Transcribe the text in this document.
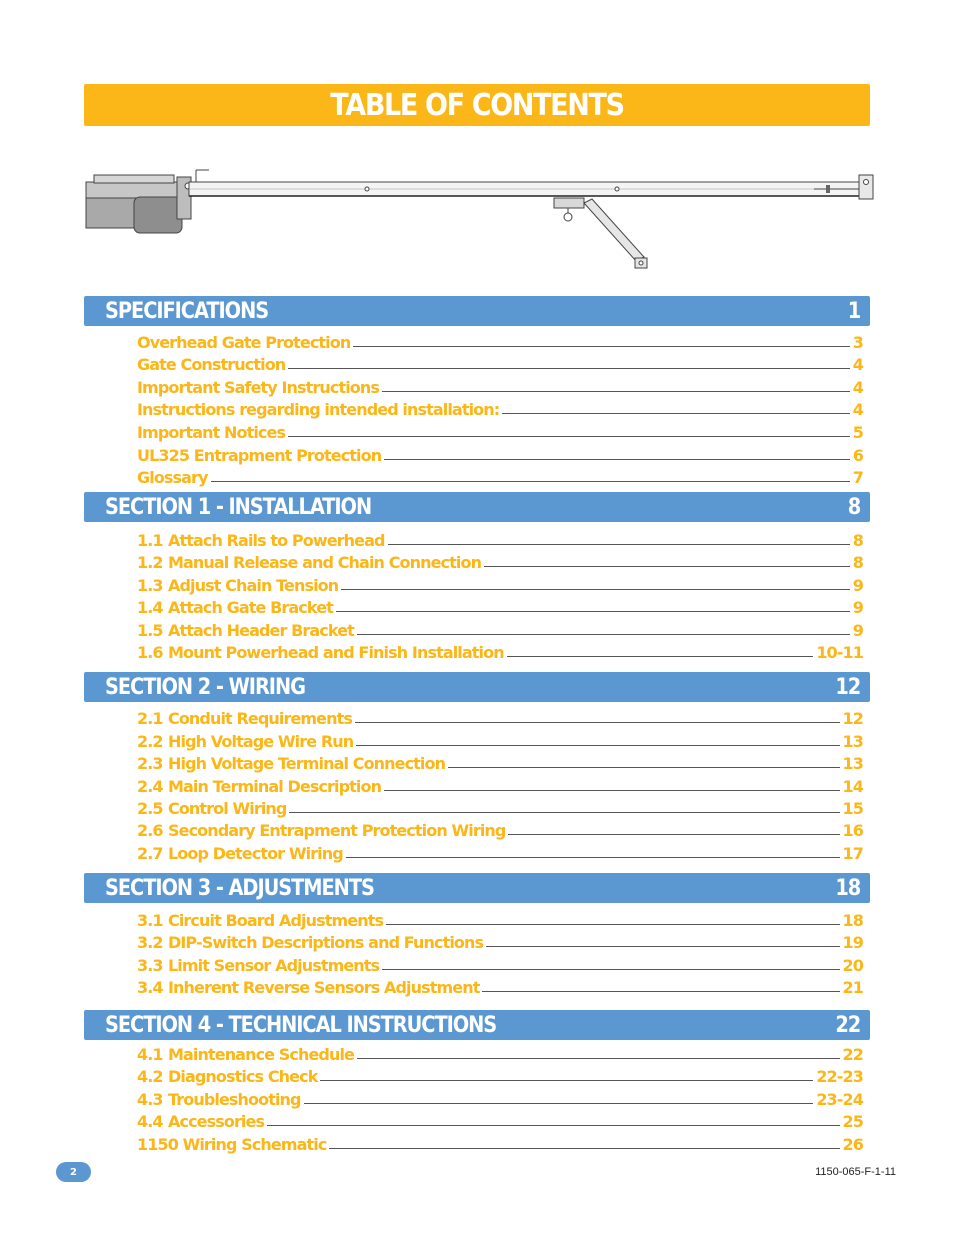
TABLE OF CONTENTS
SPECIFICATIONS	1
Overhead Gate Protection	3
Gate Construction	4
Important Safety Instructions	4
Instructions regarding intended installation:	4
Important Notices	5
UL325 Entrapment Protection	6
Glossary	7
SECTION 1 - INSTALLATION	8
1.1 Attach Rails to Powerhead	8
1.2 Manual Release and Chain Connection	8
1.3 Adjust Chain Tension	9
1.4 Attach Gate Bracket	9
1.5 Attach Header Bracket	9
1.6 Mount Powerhead and Finish Installation	10-11
SECTION 2 - WIRING	12
2.1 Conduit Requirements	12
2.2 High Voltage Wire Run	13
2.3 High Voltage Terminal Connection	13
2.4 Main Terminal Description	14
2.5 Control Wiring	15
2.6 Secondary Entrapment Protection Wiring	16
2.7 Loop Detector Wiring	17
SECTION 3 - ADJUSTMENTS	18
3.1 Circuit Board Adjustments	18
3.2 DIP-Switch Descriptions and Functions	19
3.3 Limit Sensor Adjustments	20
3.4 Inherent Reverse Sensors Adjustment	21
SECTION 4 - TECHNICAL INSTRUCTIONS	22
4.1 Maintenance Schedule	22
4.2 Diagnostics Check	22-23
4.3 Troubleshooting	23-24
4.4 Accessories	25
1150 Wiring Schematic	26
2	1150-065-F-1-11
